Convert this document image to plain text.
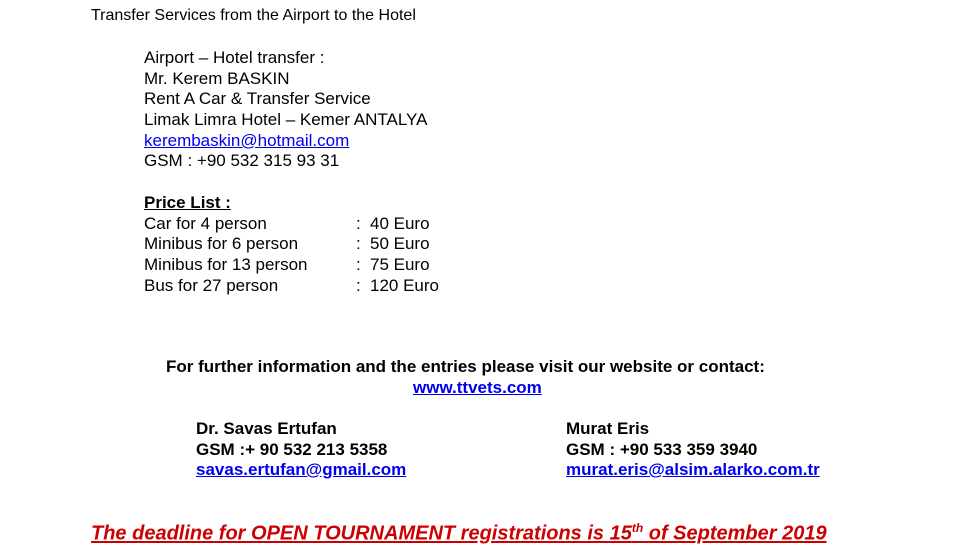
Transfer Services from the Airport to the Hotel
Airport – Hotel transfer :
Mr. Kerem BASKIN
Rent A Car & Transfer Service
Limak Limra Hotel – Kemer ANTALYA
kerembaskin@hotmail.com
GSM : +90 532 315 93 31
Price List :
Car for 4 person	: 40 Euro
Minibus for 6 person	: 50 Euro
Minibus for 13 person	: 75 Euro
Bus for 27 person	: 120 Euro
For further information and the entries please visit our website or contact:
www.ttvets.com
Dr. Savas Ertufan
GSM :+ 90 532 213 5358
savas.ertufan@gmail.com
Murat Eris
GSM : +90 533 359 3940
murat.eris@alsim.alarko.com.tr
The deadline for OPEN TOURNAMENT registrations is 15th of September 2019
